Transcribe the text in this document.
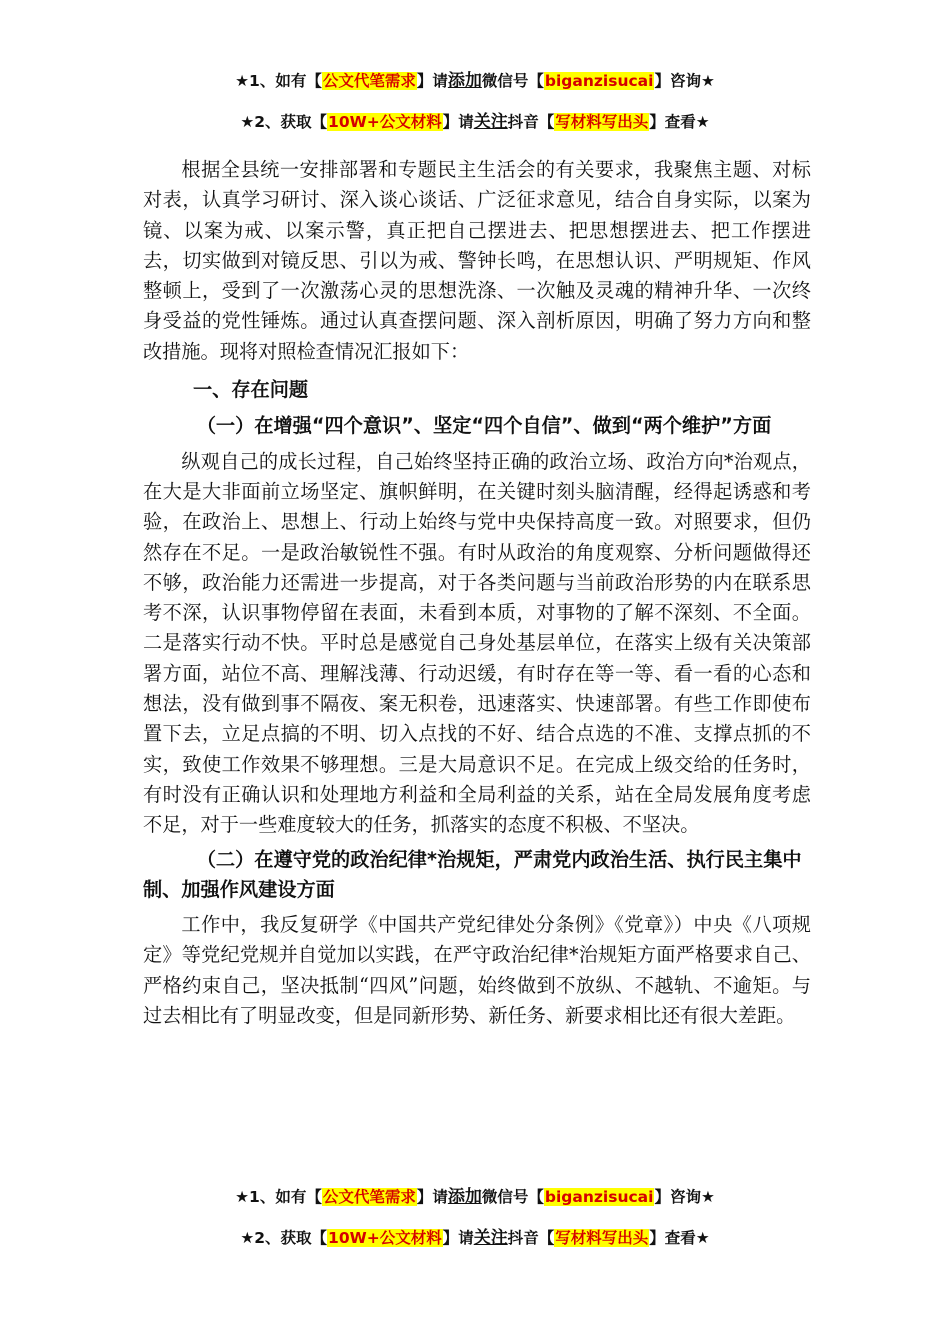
★1、如有【公文代笔需求】请添加微信号【biganzisucai】咨询★
★2、获取【10W+公文材料】请关注抖音【写材料写出头】查看★

根据全县统一安排部署和专题民主生活会的有关要求，我聚焦主题、对标对表，认真学习研讨、深入谈心谈话、广泛征求意见，结合自身实际，以案为镜、以案为戒、以案示警，真正把自己摆进去、把思想摆进去、把工作摆进去，切实做到对镜反思、引以为戒、警钟长鸣，在思想认识、严明规矩、作风整顿上，受到了一次激荡心灵的思想洗涤、一次触及灵魂的精神升华、一次终身受益的党性锤炼。通过认真查摆问题、深入剖析原因，明确了努力方向和整改措施。现将对照检查情况汇报如下：

一、存在问题

（一）在增强“四个意识”、坚定“四个自信”、做到“两个维护”方面

纵观自己的成长过程，自己始终坚持正确的政治立场、政治方向*治观点，在大是大非面前立场坚定、旗帜鲜明，在关键时刻头脑清醒，经得起诱惑和考验，在政治上、思想上、行动上始终与党中央保持高度一致。对照要求，但仍然存在不足。一是政治敏锐性不强。有时从政治的角度观察、分析问题做得还不够，政治能力还需进一步提高，对于各类问题与当前政治形势的内在联系思考不深，认识事物停留在表面，未看到本质，对事物的了解不深刻、不全面。二是落实行动不快。平时总是感觉自己身处基层单位，在落实上级有关决策部署方面，站位不高、理解浅薄、行动迟缓，有时存在等一等、看一看的心态和想法，没有做到事不隔夜、案无积卷，迅速落实、快速部署。有些工作即使布置下去，立足点搞的不明、切入点找的不好、结合点选的不准、支撑点抓的不实，致使工作效果不够理想。三是大局意识不足。在完成上级交给的任务时，有时没有正确认识和处理地方利益和全局利益的关系，站在全局发展角度考虑不足，对于一些难度较大的任务，抓落实的态度不积极、不坚决。

（二）在遵守党的政治纪律*治规矩，严肃党内政治生活、执行民主集中制、加强作风建设方面

工作中，我反复研学《中国共产党纪律处分条例》《党章》）中央《八项规定》等党纪党规并自觉加以实践，在严守政治纪律*治规矩方面严格要求自己、严格约束自己，坚决抵制“四风”问题，始终做到不放纵、不越轨、不逾矩。与过去相比有了明显改变，但是同新形势、新任务、新要求相比还有很大差距。

★1、如有【公文代笔需求】请添加微信号【biganzisucai】咨询★
★2、获取【10W+公文材料】请关注抖音【写材料写出头】查看★
